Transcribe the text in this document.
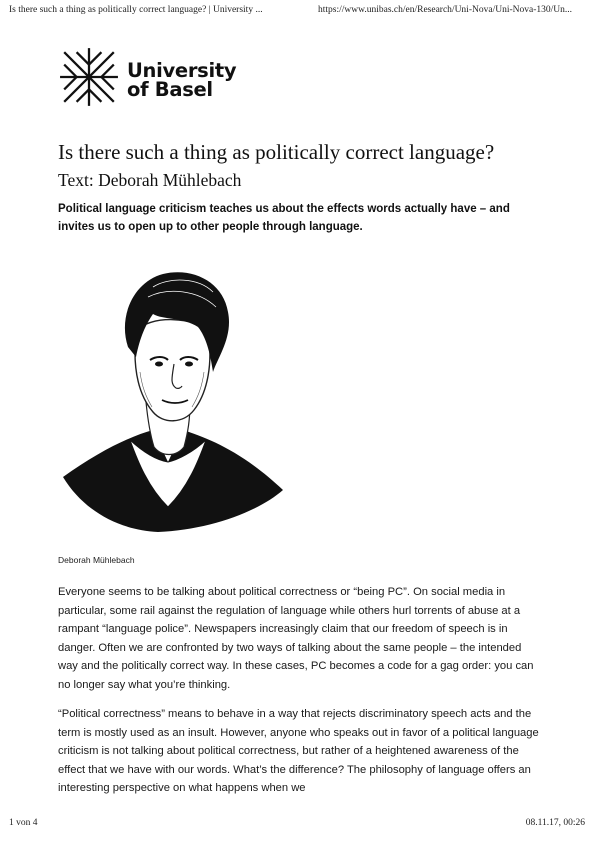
Is there such a thing as politically correct language? | University ...	https://www.unibas.ch/en/Research/Uni-Nova/Uni-Nova-130/Un...
University
of Basel
Is there such a thing as politically correct language?
Text: Deborah Mühlebach

Political language criticism teaches us about the effects words actually have – and invites us to open up to other people through language.

Deborah Mühlebach

Everyone seems to be talking about political correctness or “being PC”. On social media in particular, some rail against the regulation of language while others hurl torrents of abuse at a rampant “language police”. Newspapers increasingly claim that our freedom of speech is in danger. Often we are confronted by two ways of talking about the same people – the intended way and the politically correct way. In these cases, PC becomes a code for a gag order: you can no longer say what you’re thinking.

“Political correctness” means to behave in a way that rejects discriminatory speech acts and the term is mostly used as an insult. However, anyone who speaks out in favor of a political language criticism is not talking about political correctness, but rather of a heightened awareness of the effect that we have with our words. What’s the difference? The philosophy of language offers an interesting perspective on what happens when we

1 von 4	08.11.17, 00:26
